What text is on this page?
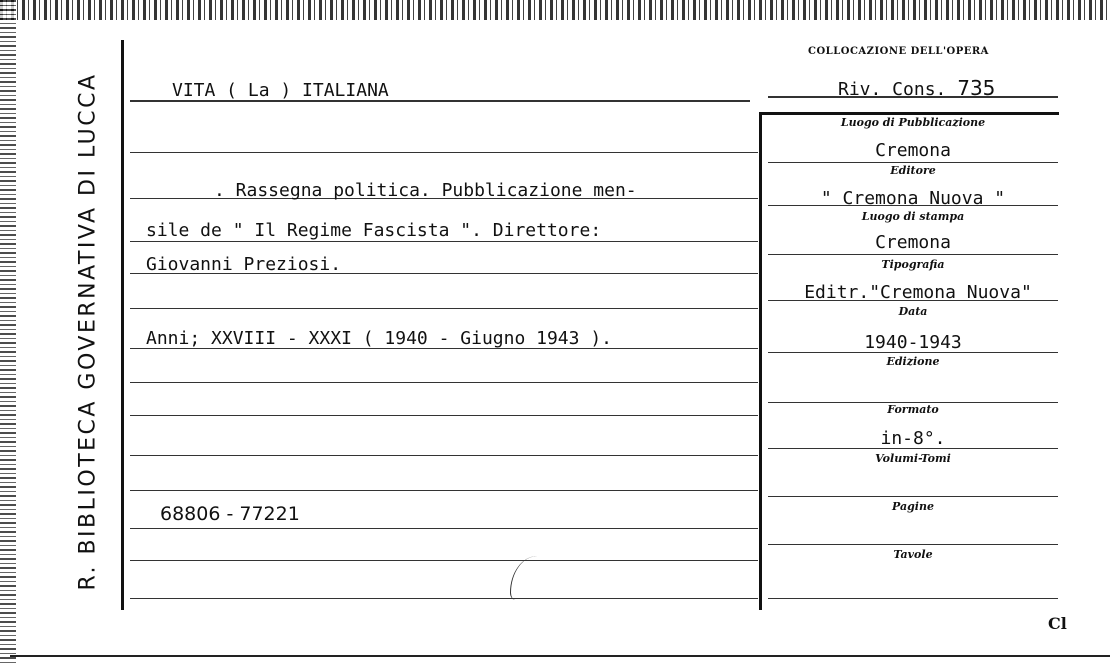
R. BIBLIOTECA GOVERNATIVA DI LUCCA
COLLOCAZIONE DELL'OPERA
Riv. Cons. 735
VITA ( La ) ITALIANA
. Rassegna politica. Pubblicazione men-
sile de " Il Regime Fascista ". Direttore:
Giovanni Preziosi.
Anni; XXVIII - XXXI ( 1940 - Giugno 1943 ).
68806 - 77221
Luogo di Pubblicazione
Cremona
Editore
" Cremona Nuova "
Luogo di stampa
Cremona
Tipografia
Editr."Cremona Nuova"
Data
1940-1943
Edizione
Formato
in-8°.
Volumi-Tomi
Pagine
Tavole
Cl
